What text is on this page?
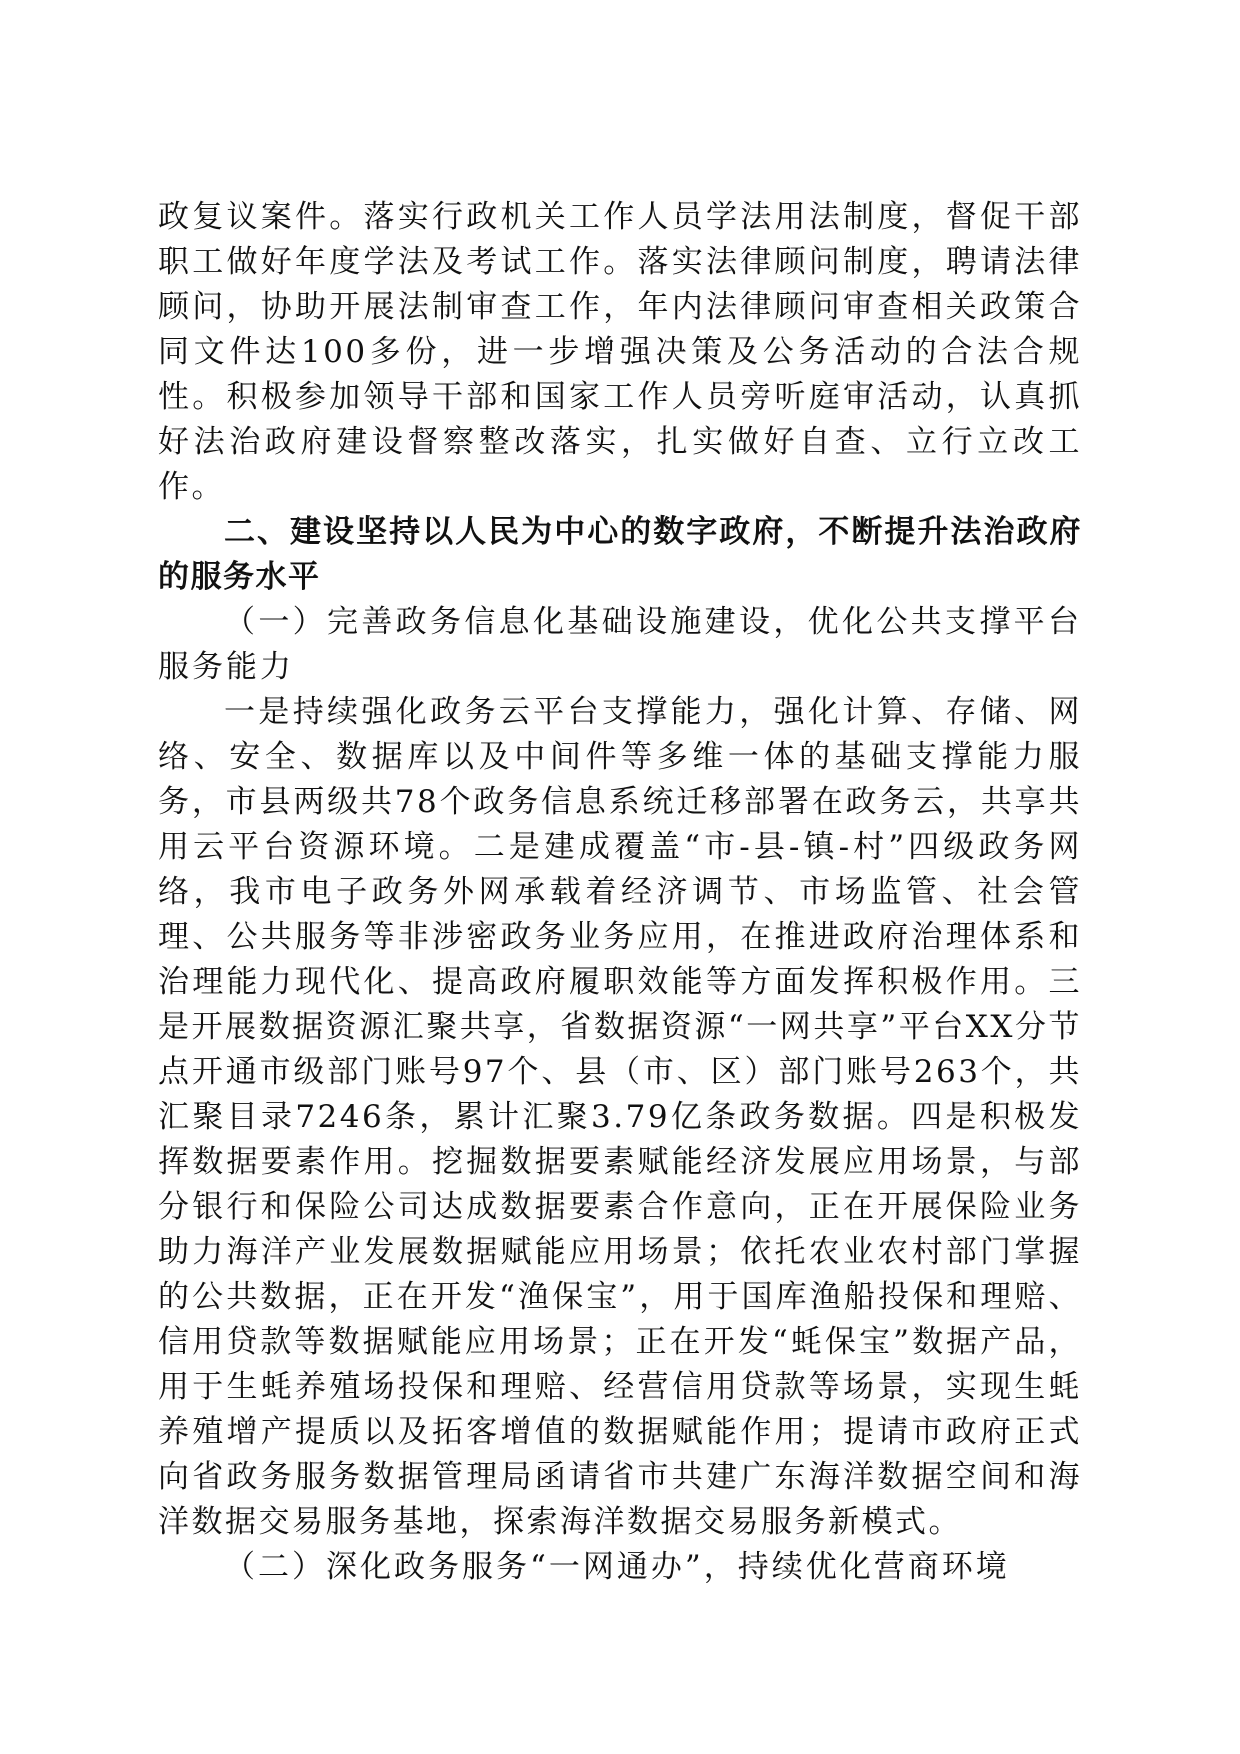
政复议案件。落实行政机关工作人员学法用法制度，督促干部职工做好年度学法及考试工作。落实法律顾问制度，聘请法律顾问，协助开展法制审查工作，年内法律顾问审查相关政策合同文件达100多份，进一步增强决策及公务活动的合法合规性。积极参加领导干部和国家工作人员旁听庭审活动，认真抓好法治政府建设督察整改落实，扎实做好自查、立行立改工作。

二、建设坚持以人民为中心的数字政府，不断提升法治政府的服务水平

（一）完善政务信息化基础设施建设，优化公共支撑平台服务能力

一是持续强化政务云平台支撑能力，强化计算、存储、网络、安全、数据库以及中间件等多维一体的基础支撑能力服务，市县两级共78个政务信息系统迁移部署在政务云，共享共用云平台资源环境。二是建成覆盖“市-县-镇-村”四级政务网络，我市电子政务外网承载着经济调节、市场监管、社会管理、公共服务等非涉密政务业务应用，在推进政府治理体系和治理能力现代化、提高政府履职效能等方面发挥积极作用。三是开展数据资源汇聚共享，省数据资源“一网共享”平台XX分节点开通市级部门账号97个、县（市、区）部门账号263个，共汇聚目录7246条，累计汇聚3.79亿条政务数据。四是积极发挥数据要素作用。挖掘数据要素赋能经济发展应用场景，与部分银行和保险公司达成数据要素合作意向，正在开展保险业务助力海洋产业发展数据赋能应用场景；依托农业农村部门掌握的公共数据，正在开发“渔保宝”，用于国库渔船投保和理赔、信用贷款等数据赋能应用场景；正在开发“蚝保宝”数据产品，用于生蚝养殖场投保和理赔、经营信用贷款等场景，实现生蚝养殖增产提质以及拓客增值的数据赋能作用；提请市政府正式向省政务服务数据管理局函请省市共建广东海洋数据空间和海洋数据交易服务基地，探索海洋数据交易服务新模式。

（二）深化政务服务“一网通办”，持续优化营商环境
